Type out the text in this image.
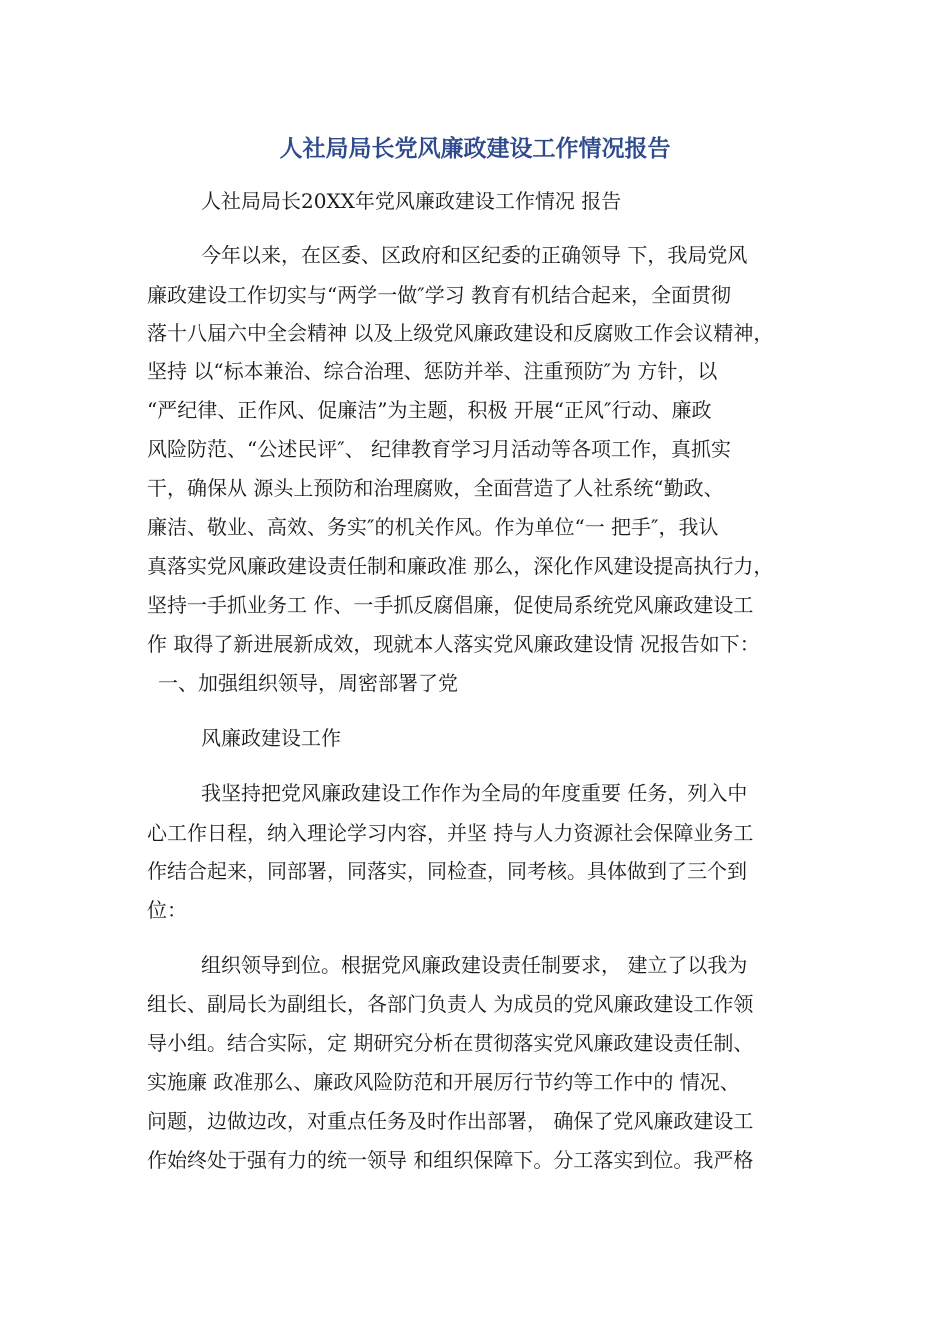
人社局局长党风廉政建设工作情况报告
人社局局长20XX年党风廉政建设工作情况 报告
今年以来，在区委、区政府和区纪委的正确领导 下，我局党风
廉政建设工作切实与“两学一做″学习 教育有机结合起来，全面贯彻
落十八届六中全会精神 以及上级党风廉政建设和反腐败工作会议精神，
坚持 以“标本兼治、综合治理、惩防并举、注重预防″为 方针，以
“严纪律、正作风、促廉洁”为主题，积极 开展“正风″行动、廉政
风险防范、“公述民评″、 纪律教育学习月活动等各项工作，真抓实
干，确保从 源头上预防和治理腐败，全面营造了人社系统“勤政、
廉洁、敬业、高效、务实″的机关作风。作为单位“一 把手″，我认
真落实党风廉政建设责任制和廉政准 那么，深化作风建设提高执行力，
坚持一手抓业务工 作、一手抓反腐倡廉，促使局系统党风廉政建设工
作 取得了新进展新成效，现就本人落实党风廉政建设情 况报告如下：
一、加强组织领导，周密部署了党
风廉政建设工作
我坚持把党风廉政建设工作作为全局的年度重要 任务，列入中
心工作日程，纳入理论学习内容，并坚 持与人力资源社会保障业务工
作结合起来，同部署，同落实，同检查，同考核。具体做到了三个到
位：
组织领导到位。根据党风廉政建设责任制要求， 建立了以我为
组长、副局长为副组长，各部门负责人 为成员的党风廉政建设工作领
导小组。结合实际，定 期研究分析在贯彻落实党风廉政建设责任制、
实施廉 政准那么、廉政风险防范和开展厉行节约等工作中的 情况、
问题，边做边改，对重点任务及时作出部署， 确保了党风廉政建设工
作始终处于强有力的统一领导 和组织保障下。分工落实到位。我严格
